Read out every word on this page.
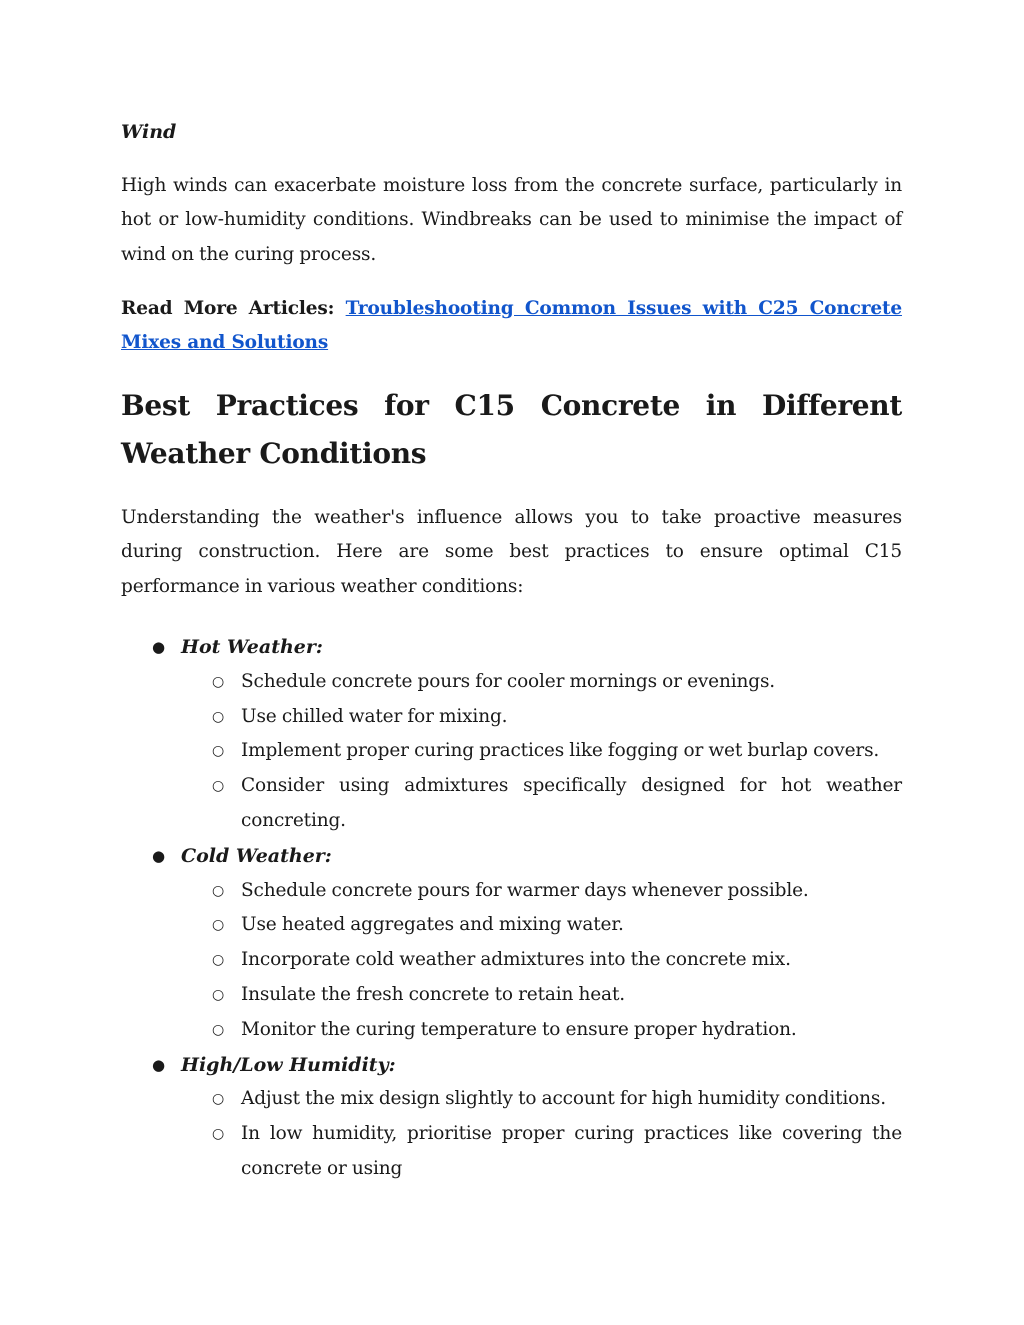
Wind

High winds can exacerbate moisture loss from the concrete surface, particularly in hot or low-humidity conditions. Windbreaks can be used to minimise the impact of wind on the curing process.

Read More Articles: Troubleshooting Common Issues with C25 Concrete Mixes and Solutions

Best Practices for C15 Concrete in Different Weather Conditions

Understanding the weather's influence allows you to take proactive measures during construction. Here are some best practices to ensure optimal C15 performance in various weather conditions:

● Hot Weather:
○ Schedule concrete pours for cooler mornings or evenings.
○ Use chilled water for mixing.
○ Implement proper curing practices like fogging or wet burlap covers.
○ Consider using admixtures specifically designed for hot weather concreting.
● Cold Weather:
○ Schedule concrete pours for warmer days whenever possible.
○ Use heated aggregates and mixing water.
○ Incorporate cold weather admixtures into the concrete mix.
○ Insulate the fresh concrete to retain heat.
○ Monitor the curing temperature to ensure proper hydration.
● High/Low Humidity:
○ Adjust the mix design slightly to account for high humidity conditions.
○ In low humidity, prioritise proper curing practices like covering the concrete or using
